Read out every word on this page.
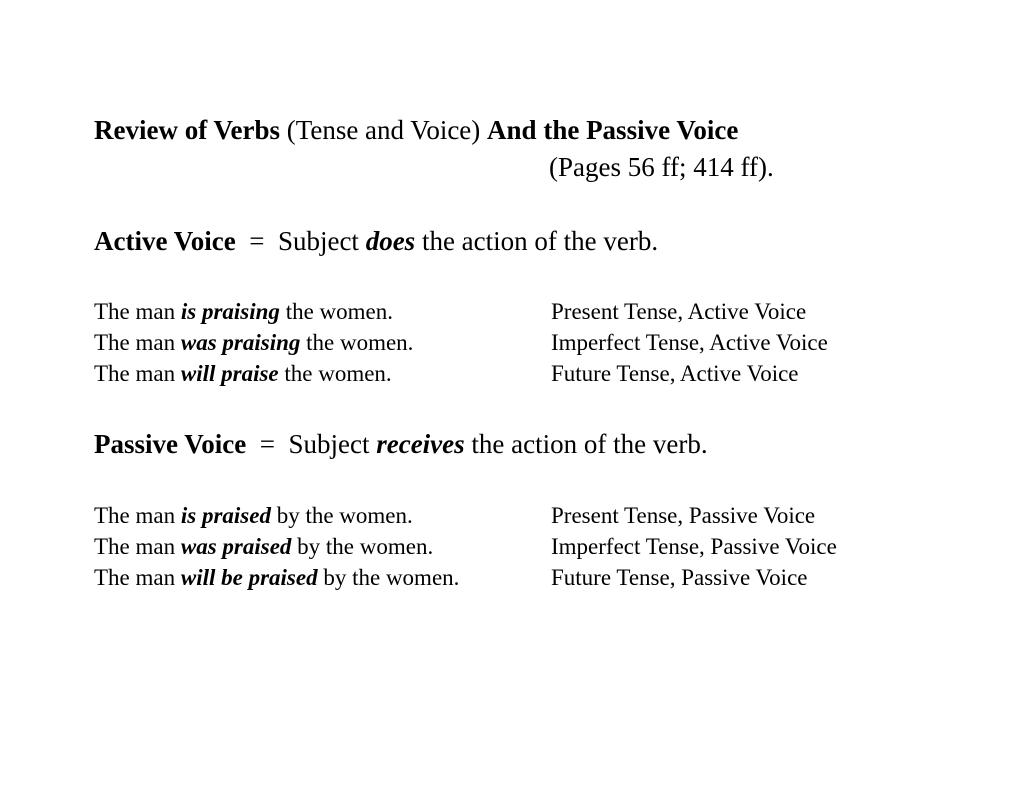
Review of Verbs (Tense and Voice) And the Passive Voice
(Pages 56 ff; 414 ff).
Active Voice  =  Subject does the action of the verb.
The man is praising the women.	Present Tense, Active Voice
The man was praising the women.	Imperfect Tense, Active Voice
The man will praise the women.	Future Tense, Active Voice
Passive Voice  =  Subject receives the action of the verb.
The man is praised by the women.	Present Tense, Passive Voice
The man was praised by the women.	Imperfect Tense, Passive Voice
The man will be praised by the women.	Future Tense, Passive Voice
